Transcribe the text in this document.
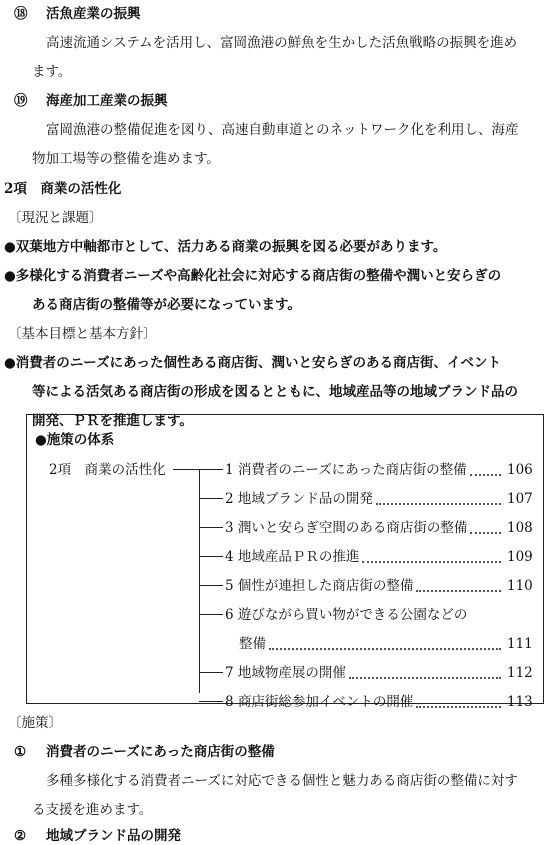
⑱ 活魚産業の振興
高速流通システムを活用し、富岡漁港の鮮魚を生かした活魚戦略の振興を進め
ます。
⑲ 海産加工産業の振興
富岡漁港の整備促進を図り、高速自動車道とのネットワーク化を利用し、海産
物加工場等の整備を進めます。
2項　商業の活性化
〔現況と課題〕
●双葉地方中軸都市として、活力ある商業の振興を図る必要があります。
●多様化する消費者ニーズや高齢化社会に対応する商店街の整備や潤いと安らぎの
ある商店街の整備等が必要になっています。
〔基本目標と基本方針〕
●消費者のニーズにあった個性ある商店街、潤いと安らぎのある商店街、イベント
等による活気ある商店街の形成を図るとともに、地域産品等の地域ブランド品の
開発、ＰＲを推進します。
●施策の体系
2項　商業の活性化	1 消費者のニーズにあった商店街の整備	106
2 地域ブランド品の開発	107
3 潤いと安らぎ空間のある商店街の整備	108
4 地域産品ＰＲの推進	109
5 個性が連担した商店街の整備	110
6 遊びながら買い物ができる公園などの
整備	111
7 地域物産展の開催	112
8 商店街総参加イベントの開催	113
〔施策〕
① 消費者のニーズにあった商店街の整備
多種多様化する消費者ニーズに対応できる個性と魅力ある商店街の整備に対す
る支援を進めます。
② 地域ブランド品の開発
